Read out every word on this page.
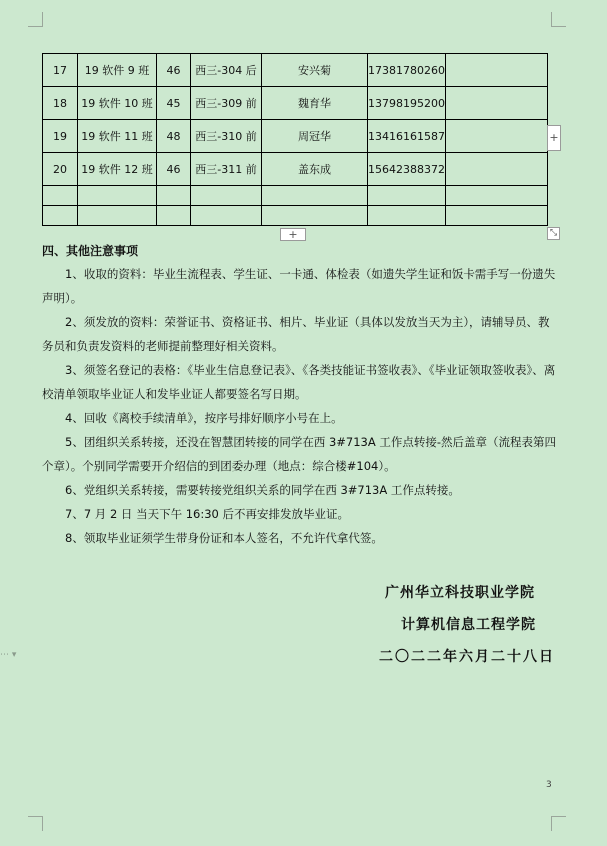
17	19 软件 9 班	46	西三-304 后	安兴菊	17381780260	
18	19 软件 10 班	45	西三-309 前	魏育华	13798195200	
19	19 软件 11 班	48	西三-310 前	周冠华	13416161587	
20	19 软件 12 班	46	西三-311 前	盖东成	15642388372	

+
+	⤡
四、其他注意事项

1、收取的资料：毕业生流程表、学生证、一卡通、体检表（如遗失学生证和饭卡需手写一份遗失声明）。

2、须发放的资料：荣誉证书、资格证书、相片、毕业证（具体以发放当天为主），请辅导员、教务员和负责发资料的老师提前整理好相关资料。

3、须签名登记的表格：《毕业生信息登记表》、《各类技能证书签收表》、《毕业证领取签收表》、离校清单领取毕业证人和发毕业证人都要签名写日期。

4、回收《离校手续清单》，按序号排好顺序小号在上。

5、团组织关系转接，还没在智慧团转接的同学在西 3#713A 工作点转接-然后盖章（流程表第四个章）。个别同学需要开介绍信的到团委办理（地点：综合楼#104）。

6、党组织关系转接，需要转接党组织关系的同学在西 3#713A 工作点转接。

7、7 月 2 日 当天下午 16:30 后不再安排发放毕业证。

8、领取毕业证须学生带身份证和本人签名，不允许代拿代签。

广州华立科技职业学院
计算机信息工程学院
二〇二二年六月二十八日
⋯ ▾
3
